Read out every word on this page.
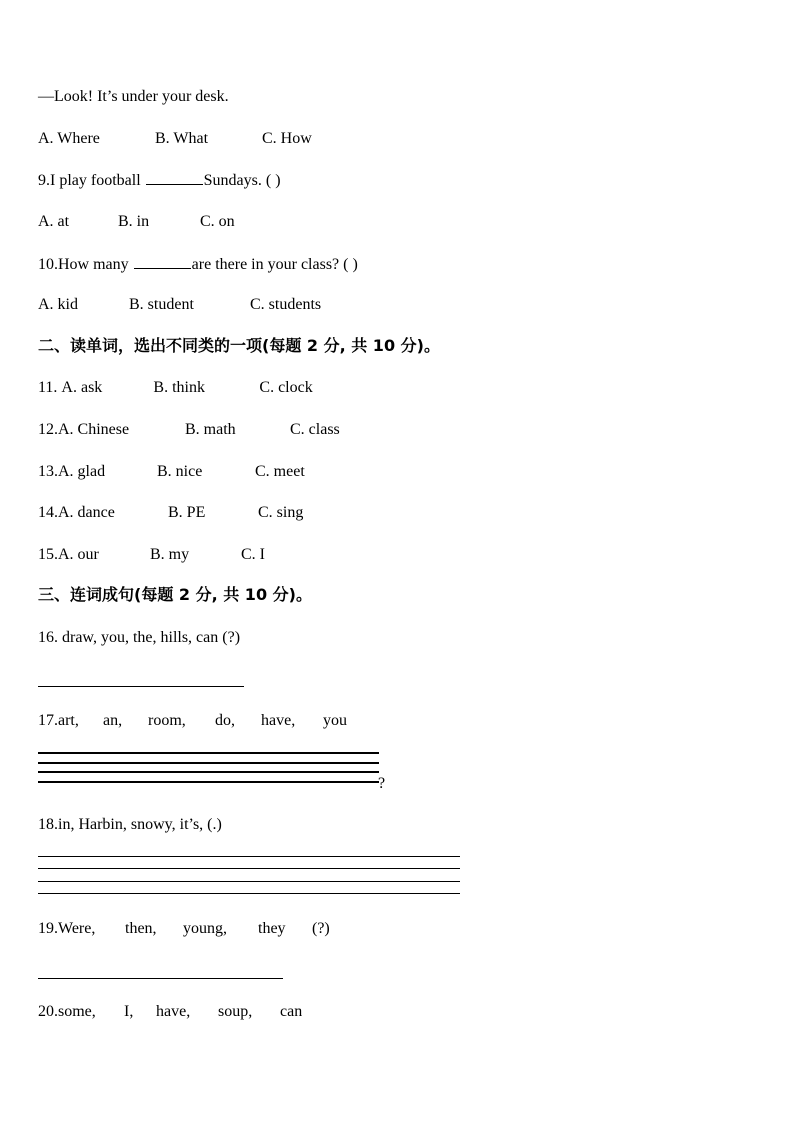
—Look! It’s under your desk.
A. Where	B. What	C. How
9.I play football	Sundays. ( )
A. at	B. in	C. on
10.How many	are there in your class? ( )
A. kid	B. student	C. students
二、读单词，选出不同类的一项(每题 2 分, 共 10 分)。
11. A. ask	B. think	C. clock
12.A. Chinese	B. math	C. class
13.A. glad	B. nice	C. meet
14.A. dance	B. PE	C. sing
15.A. our	B. my	C. I
三、连词成句(每题 2 分, 共 10 分)。
16. draw, you, the, hills, can (?)
17.art, an, room, do, have, you
?
18.in, Harbin, snowy, it’s, (.)
19.Were, then, young, they (?)
20.some, I, have, soup, can
